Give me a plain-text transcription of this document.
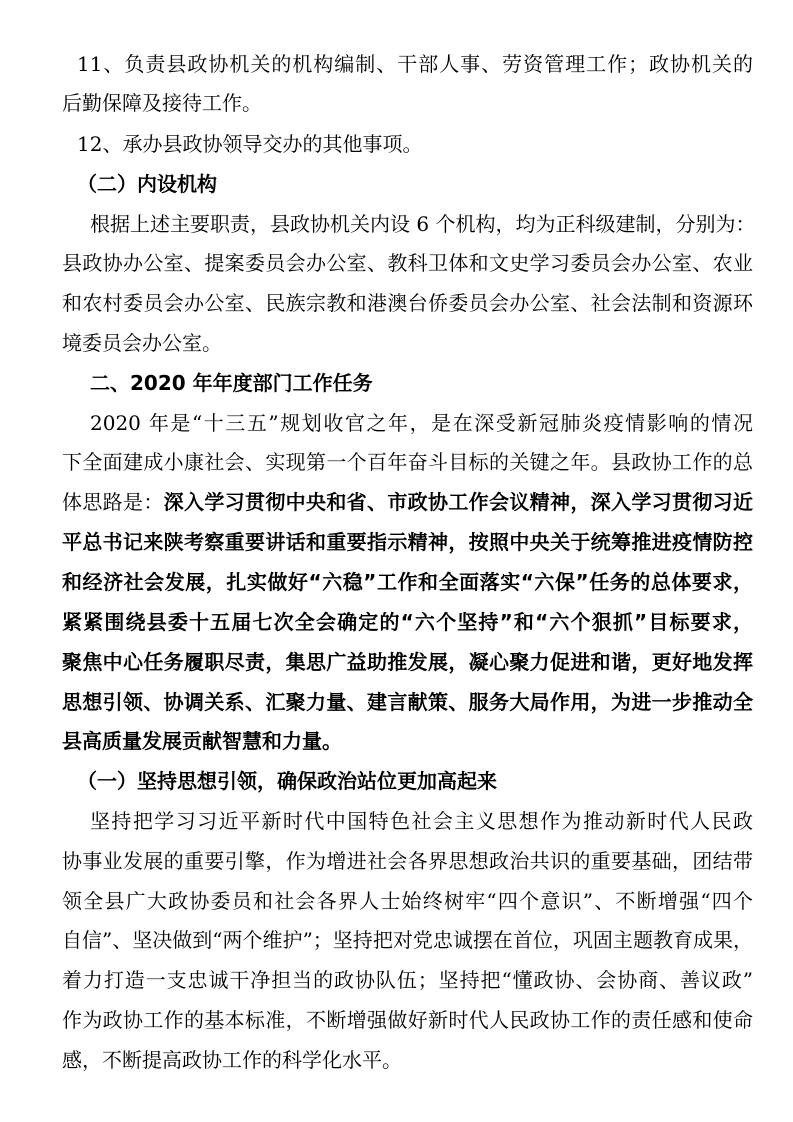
11、负责县政协机关的机构编制、干部人事、劳资管理工作；政协机关的
后勤保障及接待工作。
12、承办县政协领导交办的其他事项。
（二）内设机构
根据上述主要职责，县政协机关内设 6 个机构，均为正科级建制，分别为：
县政协办公室、提案委员会办公室、教科卫体和文史学习委员会办公室、农业
和农村委员会办公室、民族宗教和港澳台侨委员会办公室、社会法制和资源环
境委员会办公室。
二、2020 年年度部门工作任务
2020 年是“十三五”规划收官之年，是在深受新冠肺炎疫情影响的情况
下全面建成小康社会、实现第一个百年奋斗目标的关键之年。县政协工作的总
体思路是：深入学习贯彻中央和省、市政协工作会议精神，深入学习贯彻习近
平总书记来陕考察重要讲话和重要指示精神，按照中央关于统筹推进疫情防控
和经济社会发展，扎实做好“六稳”工作和全面落实“六保”任务的总体要求，
紧紧围绕县委十五届七次全会确定的“六个坚持”和“六个狠抓”目标要求，
聚焦中心任务履职尽责，集思广益助推发展，凝心聚力促进和谐，更好地发挥
思想引领、协调关系、汇聚力量、建言献策、服务大局作用，为进一步推动全
县高质量发展贡献智慧和力量。
（一）坚持思想引领，确保政治站位更加高起来
坚持把学习习近平新时代中国特色社会主义思想作为推动新时代人民政
协事业发展的重要引擎，作为增进社会各界思想政治共识的重要基础，团结带
领全县广大政协委员和社会各界人士始终树牢“四个意识”、不断增强“四个
自信”、坚决做到“两个维护”；坚持把对党忠诚摆在首位，巩固主题教育成果，
着力打造一支忠诚干净担当的政协队伍；坚持把“懂政协、会协商、善议政”
作为政协工作的基本标准，不断增强做好新时代人民政协工作的责任感和使命
感，不断提高政协工作的科学化水平。
